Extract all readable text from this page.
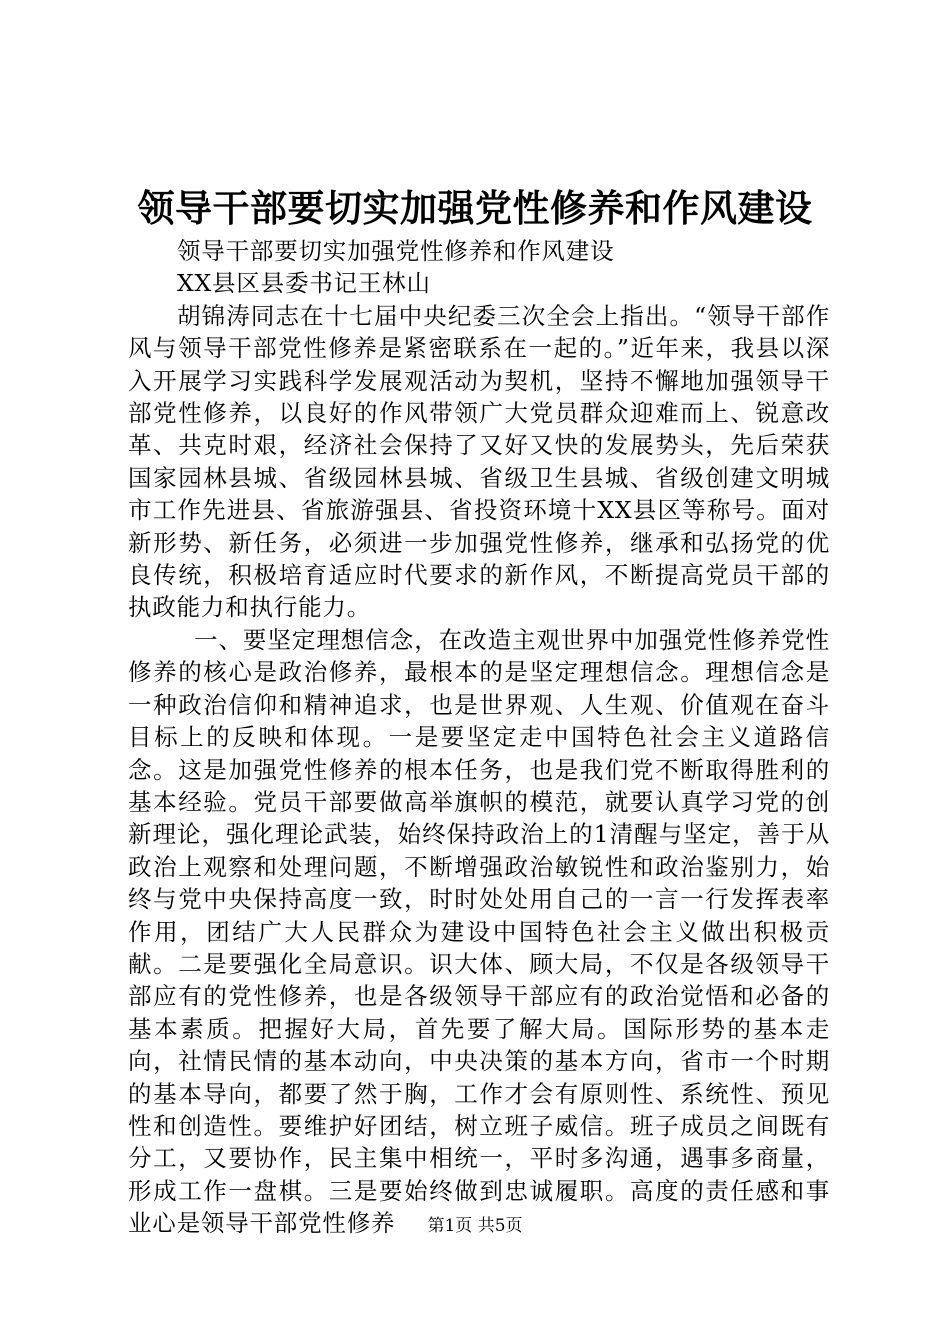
领导干部要切实加强党性修养和作风建设

领导干部要切实加强党性修养和作风建设

XX县区县委书记王林山

胡锦涛同志在十七届中央纪委三次全会上指出。“领导干部作风与领导干部党性修养是紧密联系在一起的。”近年来，我县以深入开展学习实践科学发展观活动为契机，坚持不懈地加强领导干部党性修养，以良好的作风带领广大党员群众迎难而上、锐意改革、共克时艰，经济社会保持了又好又快的发展势头，先后荣获国家园林县城、省级园林县城、省级卫生县城、省级创建文明城市工作先进县、省旅游强县、省投资环境十XX县区等称号。面对新形势、新任务，必须进一步加强党性修养，继承和弘扬党的优良传统，积极培育适应时代要求的新作风，不断提高党员干部的执政能力和执行能力。

一、要坚定理想信念，在改造主观世界中加强党性修养党性修养的核心是政治修养，最根本的是坚定理想信念。理想信念是一种政治信仰和精神追求，也是世界观、人生观、价值观在奋斗目标上的反映和体现。一是要坚定走中国特色社会主义道路信念。这是加强党性修养的根本任务，也是我们党不断取得胜利的基本经验。党员干部要做高举旗帜的模范，就要认真学习党的创新理论，强化理论武装，始终保持政治上的1清醒与坚定，善于从政治上观察和处理问题，不断增强政治敏锐性和政治鉴别力，始终与党中央保持高度一致，时时处处用自己的一言一行发挥表率作用，团结广大人民群众为建设中国特色社会主义做出积极贡献。二是要强化全局意识。识大体、顾大局，不仅是各级领导干部应有的党性修养，也是各级领导干部应有的政治觉悟和必备的基本素质。把握好大局，首先要了解大局。国际形势的基本走向，社情民情的基本动向，中央决策的基本方向，省市一个时期的基本导向，都要了然于胸，工作才会有原则性、系统性、预见性和创造性。要维护好团结，树立班子威信。班子成员之间既有分工，又要协作，民主集中相统一，平时多沟通，遇事多商量，形成工作一盘棋。三是要始终做到忠诚履职。高度的责任感和事业心是领导干部党性修养	第1页 共5页
